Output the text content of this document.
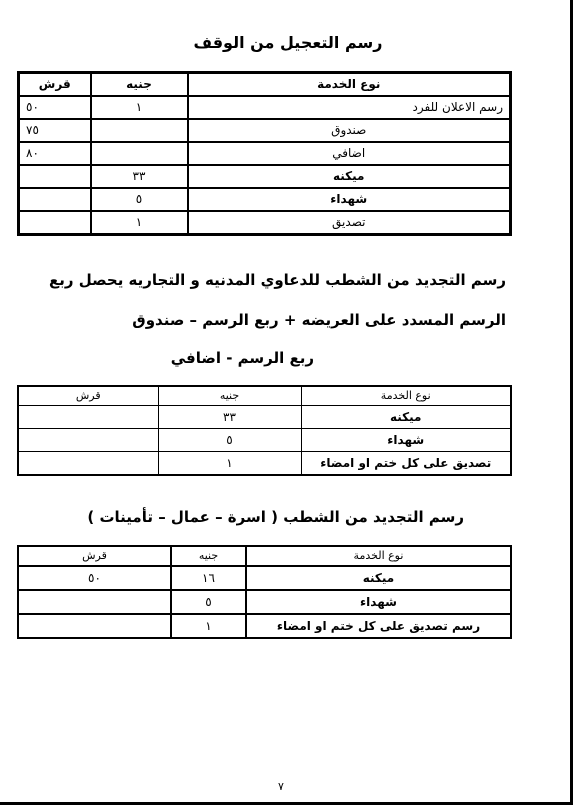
رسم التعجيل من الوقف
قرش	جنيه	نوع الخدمة
٥٠	١	رسم الاعلان للفرد
٧٥		صندوق
٨٠		اضافي
	٣٣	ميكنه
	٥	شهداء
	١	تصديق
رسم التجديد من الشطب للدعاوي المدنيه و التجاريه يحصل ربع
الرسم المسدد على العريضه + ربع الرسم – صندوق
ربع الرسم - اضافي
قرش	جنيه	نوع الخدمة
	٣٣	ميكنه
	٥	شهداء
	١	تصديق على كل ختم او امضاء
رسم التجديد من الشطب ( اسرة – عمال – تأمينات )
قرش	جنيه	نوع الخدمة
٥٠	١٦	ميكنه
	٥	شهداء
	١	رسم تصديق على كل ختم او امضاء
٧
